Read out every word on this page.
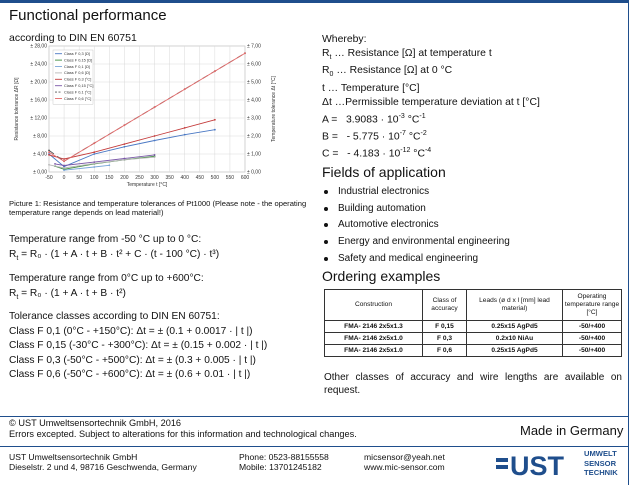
Functional performance
according to DIN EN 60751
± 0,00
± 4,00
± 8,00
± 12,00
± 16,00
± 20,00
± 24,00
± 28,00
± 0,00
± 1,00
± 2,00
± 3,00
± 4,00
± 5,00
± 6,00
± 7,00
-50 0 50 100 150 200 250 300 350 400 450 500 550 600
Temperature t [°C]
Resistance tolerance ΔR [Ω]	Temperature tolerance Δt [°C]
Class F 0,3 [Ω]
Class F 0,15 [Ω]
Class F 0,1 [Ω]
Class F 0,6 [Ω]
Class F 0,3 [°C]
Class F 0,15 [°C]
Class F 0,1 [°C]
Class F 0,6 [°C]
Picture 1: Resistance and temperature tolerances of Pt1000 (Please note - the operating temperature range depends on lead material!)
Temperature range from -50 °C up to 0 °C:
$R_t = R_0 \cdot (1 + A \cdot t + B \cdot t^2 + C \cdot (t - 100$ °C) · t³)
Temperature range from 0°C up to +600°C:
$R_t = R_0 \cdot (1 + A \cdot t + B \cdot t^2)$
Tolerance classes according to DIN EN 60751:
Class F 0,1 (0°C - +150°C): Δt = ± (0.1 + 0.0017 · | t |)
Class F 0,15 (-30°C - +300°C): Δt = ± (0.15 + 0.002 · | t |)
Class F 0,3 (-50°C - +500°C): Δt = ± (0.3 + 0.005 · | t |)
Class F 0,6 (-50°C - +600°C): Δt = ± (0.6 + 0.01 · | t |)
Whereby:
$R_t$ … Resistance [Ω] at temperature t
$R_0$ … Resistance [Ω] at 0 °C
t … Temperature [°C]
Δt …Permissible temperature deviation at t [°C]
$A = 3.9083 \cdot 10^{-3}$ $^\circ C^{-1}$
B = - $5.775 \cdot 10^{-7}$ $^\circ C^{-2}$
C = - $4.183 \cdot 10^{-12}$ $^\circ C^{-4}$
Fields of application
Industrial electronics
Building automation
Automotive electronics
Energy and environmental engineering
Safety and medical engineering
Ordering examples
Construction	Class of accuracy	Leads (ø d x l [mm] lead material)	Operating temperature range [°C]
FMA- 2146 2x5x1.3	F 0,15	0.25x15 AgPd5	-50/+400
FMA- 2146 2x5x1.0	F 0,3	0.2x10 NiAu	-50/+400
FMA- 2146 2x5x1.0	F 0,6	0.25x15 AgPd5	-50/+400
Other classes of accuracy and wire lengths are available on request.
© UST Umweltsensortechnik GmbH, 2016
Errors excepted. Subject to alterations for this information and technological changes.	Made in Germany
UST Umweltsensortechnik GmbH
Dieselstr. 2 und 4, 98716 Geschwenda, Germany
Phone: 0523-88155558
Mobile: 13701245182
micsensor@yeah.net
www.mic-sensor.com UST	UMWELT
SENSOR
TECHNIK
